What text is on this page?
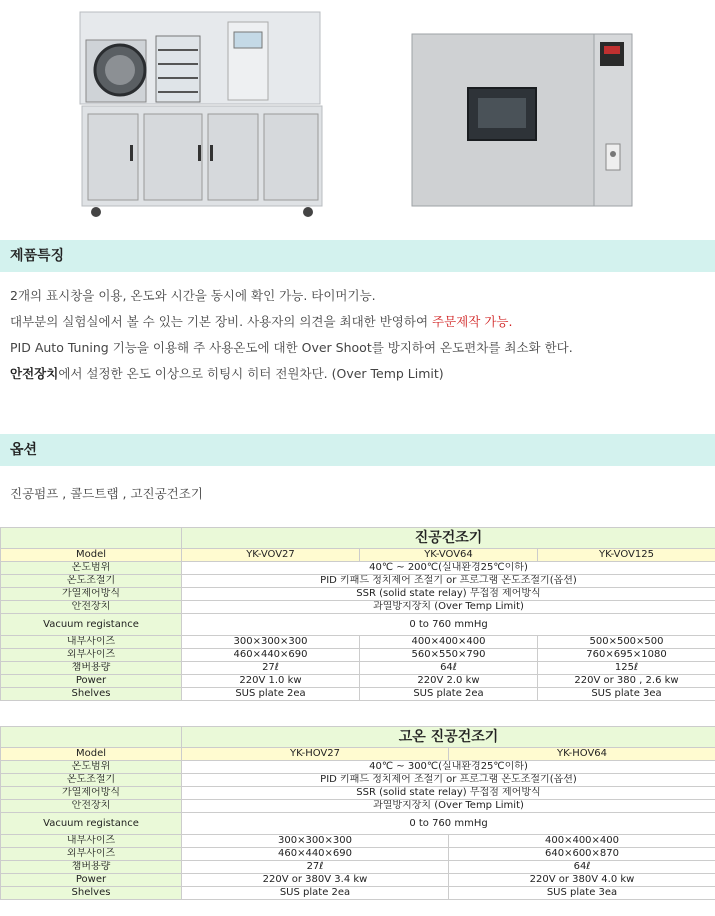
제품특징

2개의 표시창을 이용, 온도와 시간을 동시에 확인 가능. 타이머기능.

대부분의 실험실에서 볼 수 있는 기본 장비. 사용자의 의견을 최대한 반영하여 주문제작 가능.

PID Auto Tuning 기능을 이용해 주 사용온도에 대한 Over Shoot를 방지하여 온도편차를 최소화 한다.

안전장치에서 설정한 온도 이상으로 히팅시 히터 전원차단. (Over Temp Limit)

옵션
진공펌프 , 콜드트랩 , 고진공건조기
	진공건조기		
Model	YK-VOV27	YK-VOV64	YK-VOV125
온도범위	40℃ ~ 200℃(실내환경25℃이하)		
온도조절기	PID 키패드 정치제어 조절기 or 프로그램 온도조절기(옵션)		
가열제어방식	SSR (solid state relay) 무접점 제어방식		
안전장치	과열방지장치 (Over Temp Limit)		
Vacuum registance	0 to 760 mmHg		
내부사이즈	300×300×300	400×400×400	500×500×500
외부사이즈	460×440×690	560×550×790	760×695×1080
챔버용량	27ℓ	64ℓ	125ℓ
Power	220V 1.0 kw	220V 2.0 kw	220V or 380 , 2.6 kw
Shelves	SUS plate 2ea	SUS plate 2ea	SUS plate 3ea
	고온 진공건조기	
Model	YK-HOV27	YK-HOV64
온도범위	40℃ ~ 300℃(실내환경25℃이하)	
온도조절기	PID 키패드 정치제어 조절기 or 프로그램 온도조절기(옵션)	
가열제어방식	SSR (solid state relay) 무접점 제어방식	
안전장치	과열방지장치 (Over Temp Limit)	
Vacuum registance	0 to 760 mmHg	
내부사이즈	300×300×300	400×400×400
외부사이즈	460×440×690	640×600×870
챔버용량	27ℓ	64ℓ
Power	220V or 380V 3.4 kw	220V or 380V 4.0 kw
Shelves	SUS plate 2ea	SUS plate 3ea
